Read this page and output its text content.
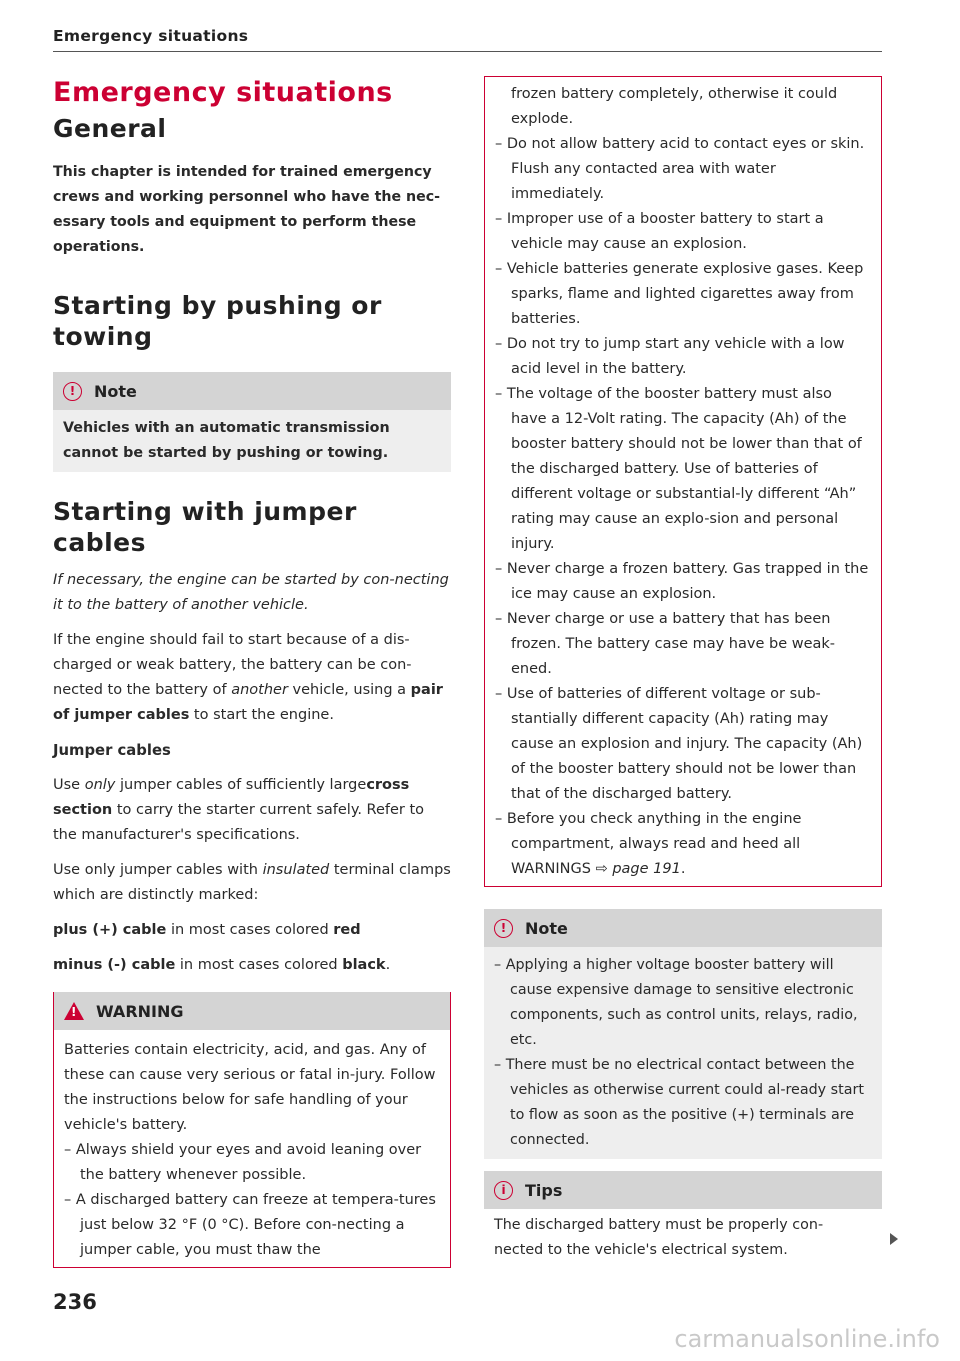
Emergency situations
Emergency situations
General
This chapter is intended for trained emergency crews and working personnel who have the nec-essary tools and equipment to perform these operations.
Starting by pushing or towing
!	Note
Vehicles with an automatic transmission cannot be started by pushing or towing.
Starting with jumper cables
If necessary, the engine can be started by con-necting it to the battery of another vehicle.
If the engine should fail to start because of a dis-charged or weak battery, the battery can be con-nected to the battery of another vehicle, using a pair of jumper cables to start the engine.
Jumper cables
Use only jumper cables of sufficiently largecross section to carry the starter current safely. Refer to the manufacturer's specifications.
Use only jumper cables with insulated terminal clamps which are distinctly marked:
plus (+) cable in most cases colored red
minus (-) cable in most cases colored black.
!
WARNING
Batteries contain electricity, acid, and gas. Any of these can cause very serious or fatal in-jury. Follow the instructions below for safe handling of your vehicle's battery.
– Always shield your eyes and avoid leaning over the battery whenever possible.
– A discharged battery can freeze at tempera-tures just below 32 °F (0 °C). Before con-necting a jumper cable, you must thaw the
frozen battery completely, otherwise it could explode.
– Do not allow battery acid to contact eyes or skin. Flush any contacted area with water immediately.
– Improper use of a booster battery to start a vehicle may cause an explosion.
– Vehicle batteries generate explosive gases. Keep sparks, flame and lighted cigarettes away from batteries.
– Do not try to jump start any vehicle with a low acid level in the battery.
– The voltage of the booster battery must also have a 12-Volt rating. The capacity (Ah) of the booster battery should not be lower than that of the discharged battery. Use of batteries of different voltage or substantial-ly different “Ah” rating may cause an explo-sion and personal injury.
– Never charge a frozen battery. Gas trapped in the ice may cause an explosion.
– Never charge or use a battery that has been frozen. The battery case may have be weak-ened.
– Use of batteries of different voltage or sub-stantially different capacity (Ah) rating may cause an explosion and injury. The capacity (Ah) of the booster battery should not be lower than that of the discharged battery.
– Before you check anything in the engine compartment, always read and heed all WARNINGS ⇨ page 191.
!	Note
– Applying a higher voltage booster battery will cause expensive damage to sensitive electronic components, such as control units, relays, radio, etc.
– There must be no electrical contact between the vehicles as otherwise current could al-ready start to flow as soon as the positive (+) terminals are connected.
i	Tips
The discharged battery must be properly con-nected to the vehicle's electrical system.
236
carmanualsonline.info
